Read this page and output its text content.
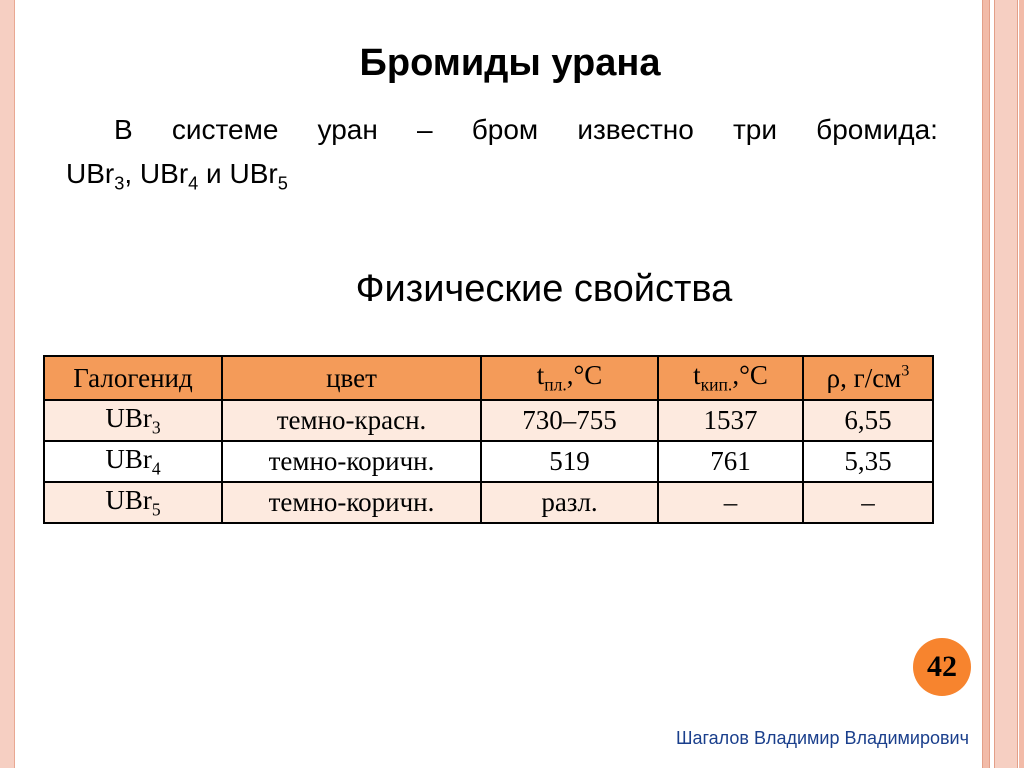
Бромиды урана
В системе уран – бром известно три бромида:
UBr$_3$, UBr$_4$ и UBr$_5$
Физические свойства
Галогенид	цвет	$t_{пл.},^\circ С$	$t_{кип.},^\circ С$	ρ, $г/см^3$
UBr$_3$	темно-красн.	730–755	1537	6,55
UBr$_4$	темно-коричн.	519	761	5,35
UBr$_5$	темно-коричн.	разл.	–	–
42
Шагалов Владимир Владимирович
